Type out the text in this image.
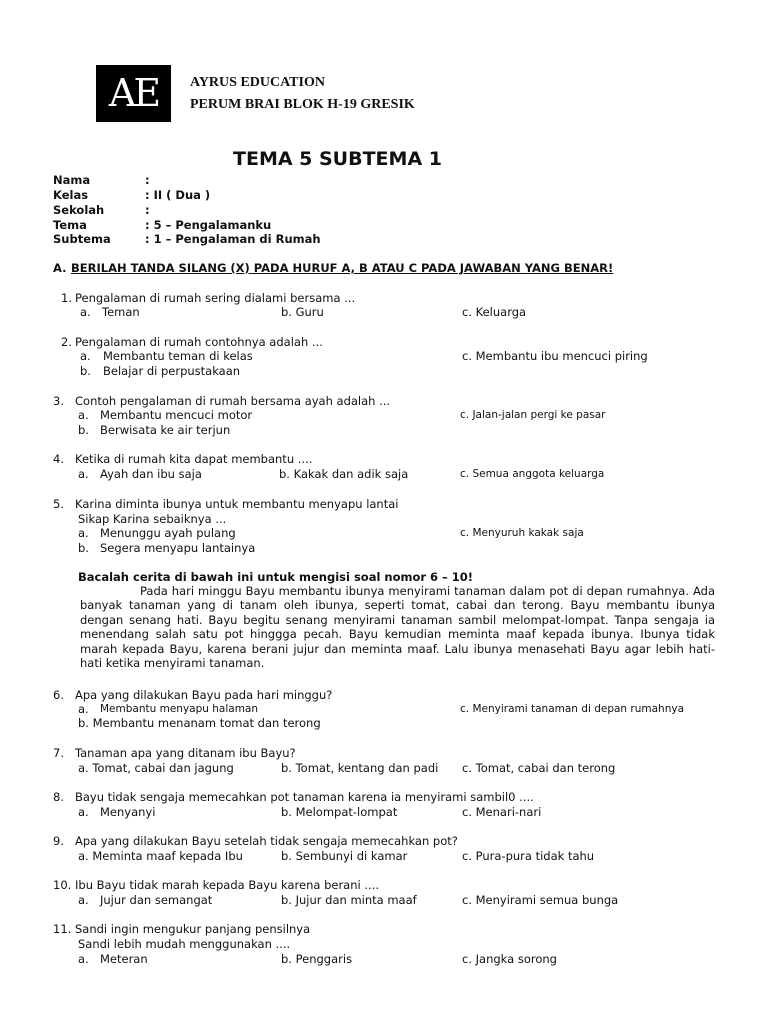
AE	AYRUS EDUCATION
PERUM BRAI BLOK H-19 GRESIK
TEMA 5 SUBTEMA 1
Nama	:
Kelas	: II ( Dua )
Sekolah	:
Tema	: 5 – Pengalamanku
Subtema	: 1 – Pengalaman di Rumah
A. BERILAH TANDA SILANG (X) PADA HURUF A, B ATAU C PADA JAWABAN YANG BENAR!
1. Pengalaman di rumah sering dialami bersama ...
a. Teman	b. Guru	c. Keluarga
2. Pengalaman di rumah contohnya adalah ...
a. Membantu teman di kelas	c. Membantu ibu mencuci piring
b. Belajar di perpustakaan
3. Contoh pengalaman di rumah bersama ayah adalah ...
a. Membantu mencuci motor	c. Jalan-jalan pergi ke pasar
b. Berwisata ke air terjun
4. Ketika di rumah kita dapat membantu ....
a. Ayah dan ibu saja	b. Kakak dan adik saja	c. Semua anggota keluarga
5. Karina diminta ibunya untuk membantu menyapu lantai
Sikap Karina sebaiknya ...
a. Menunggu ayah pulang	c. Menyuruh kakak saja
b. Segera menyapu lantainya
Bacalah cerita di bawah ini untuk mengisi soal nomor 6 – 10!
Pada hari minggu Bayu membantu ibunya menyirami tanaman dalam pot di depan rumahnya. Ada banyak tanaman yang di tanam oleh ibunya, seperti tomat, cabai dan terong. Bayu membantu ibunya dengan senang hati. Bayu begitu senang menyirami tanaman sambil melompat-lompat. Tanpa sengaja ia menendang salah satu pot hinggga pecah. Bayu kemudian meminta maaf kepada ibunya. Ibunya tidak marah kepada Bayu, karena berani jujur dan meminta maaf. Lalu ibunya menasehati Bayu agar lebih hati-hati ketika menyirami tanaman.
6. Apa yang dilakukan Bayu pada hari minggu?
a. Membantu menyapu halaman	c. Menyirami tanaman di depan rumahnya
b. Membantu menanam tomat dan terong
7. Tanaman apa yang ditanam ibu Bayu?
a. Tomat, cabai dan jagung	b. Tomat, kentang dan padi c. Tomat, cabai dan terong
8. Bayu tidak sengaja memecahkan pot tanaman karena ia menyirami sambil0 ....
a. Menyanyi	b. Melompat-lompat	c. Menari-nari
9. Apa yang dilakukan Bayu setelah tidak sengaja memecahkan pot?
a. Meminta maaf kepada Ibu	b. Sembunyi di kamar	c. Pura-pura tidak tahu
10. Ibu Bayu tidak marah kepada Bayu karena berani ....
a. Jujur dan semangat	b. Jujur dan minta maaf	c. Menyirami semua bunga
11. Sandi ingin mengukur panjang pensilnya
Sandi lebih mudah menggunakan ....
a. Meteran	b. Penggaris	c. Jangka sorong
